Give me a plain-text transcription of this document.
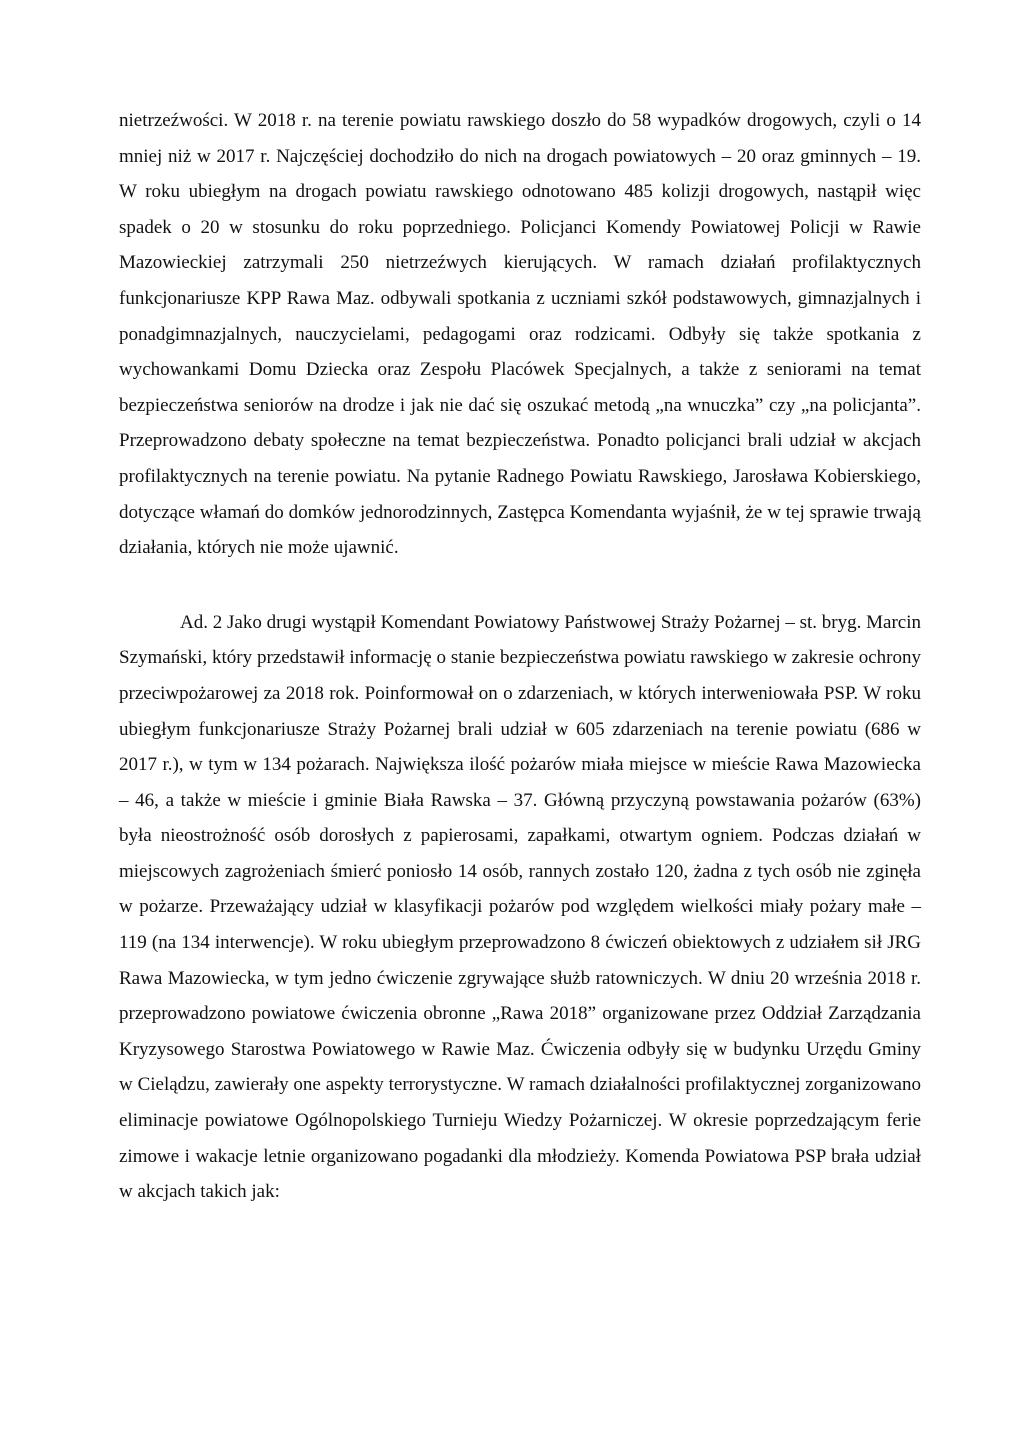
nietrzeźwości. W 2018 r. na terenie powiatu rawskiego doszło do 58 wypadków drogowych, czyli o 14 mniej niż w 2017 r. Najczęściej dochodziło do nich na drogach powiatowych – 20 oraz gminnych – 19. W roku ubiegłym na drogach powiatu rawskiego odnotowano 485 kolizji drogowych, nastąpił więc spadek o 20 w stosunku do roku poprzedniego. Policjanci Komendy Powiatowej Policji w Rawie Mazowieckiej zatrzymali 250 nietrzeźwych kierujących. W ramach działań profilaktycznych funkcjonariusze KPP Rawa Maz. odbywali spotkania z uczniami szkół podstawowych, gimnazjalnych i ponadgimnazjalnych, nauczycielami, pedagogami oraz rodzicami. Odbyły się także spotkania z wychowankami Domu Dziecka oraz Zespołu Placówek Specjalnych, a także z seniorami na temat bezpieczeństwa seniorów na drodze i jak nie dać się oszukać metodą „na wnuczka” czy „na policjanta”. Przeprowadzono debaty społeczne na temat bezpieczeństwa. Ponadto policjanci brali udział w akcjach profilaktycznych na terenie powiatu. Na pytanie Radnego Powiatu Rawskiego, Jarosława Kobierskiego, dotyczące włamań do domków jednorodzinnych, Zastępca Komendanta wyjaśnił, że w tej sprawie trwają działania, których nie może ujawnić.

Ad. 2 Jako drugi wystąpił Komendant Powiatowy Państwowej Straży Pożarnej – st. bryg. Marcin Szymański, który przedstawił informację o stanie bezpieczeństwa powiatu rawskiego w zakresie ochrony przeciwpożarowej za 2018 rok. Poinformował on o zdarzeniach, w których interweniowała PSP. W roku ubiegłym funkcjonariusze Straży Pożarnej brali udział w 605 zdarzeniach na terenie powiatu (686 w 2017 r.), w tym w 134 pożarach. Największa ilość pożarów miała miejsce w mieście Rawa Mazowiecka – 46, a także w mieście i gminie Biała Rawska – 37. Główną przyczyną powstawania pożarów (63%) była nieostrożność osób dorosłych z papierosami, zapałkami, otwartym ogniem. Podczas działań w miejscowych zagrożeniach śmierć poniosło 14 osób, rannych zostało 120, żadna z tych osób nie zginęła w pożarze. Przeważający udział w klasyfikacji pożarów pod względem wielkości miały pożary małe – 119 (na 134 interwencje). W roku ubiegłym przeprowadzono 8 ćwiczeń obiektowych z udziałem sił JRG Rawa Mazowiecka, w tym jedno ćwiczenie zgrywające służb ratowniczych. W dniu 20 września 2018 r. przeprowadzono powiatowe ćwiczenia obronne „Rawa 2018” organizowane przez Oddział Zarządzania Kryzysowego Starostwa Powiatowego w Rawie Maz. Ćwiczenia odbyły się w budynku Urzędu Gminy w Cielądzu, zawierały one aspekty terrorystyczne. W ramach działalności profilaktycznej zorganizowano eliminacje powiatowe Ogólnopolskiego Turnieju Wiedzy Pożarniczej. W okresie poprzedzającym ferie zimowe i wakacje letnie organizowano pogadanki dla młodzieży. Komenda Powiatowa PSP brała udział w akcjach takich jak:
